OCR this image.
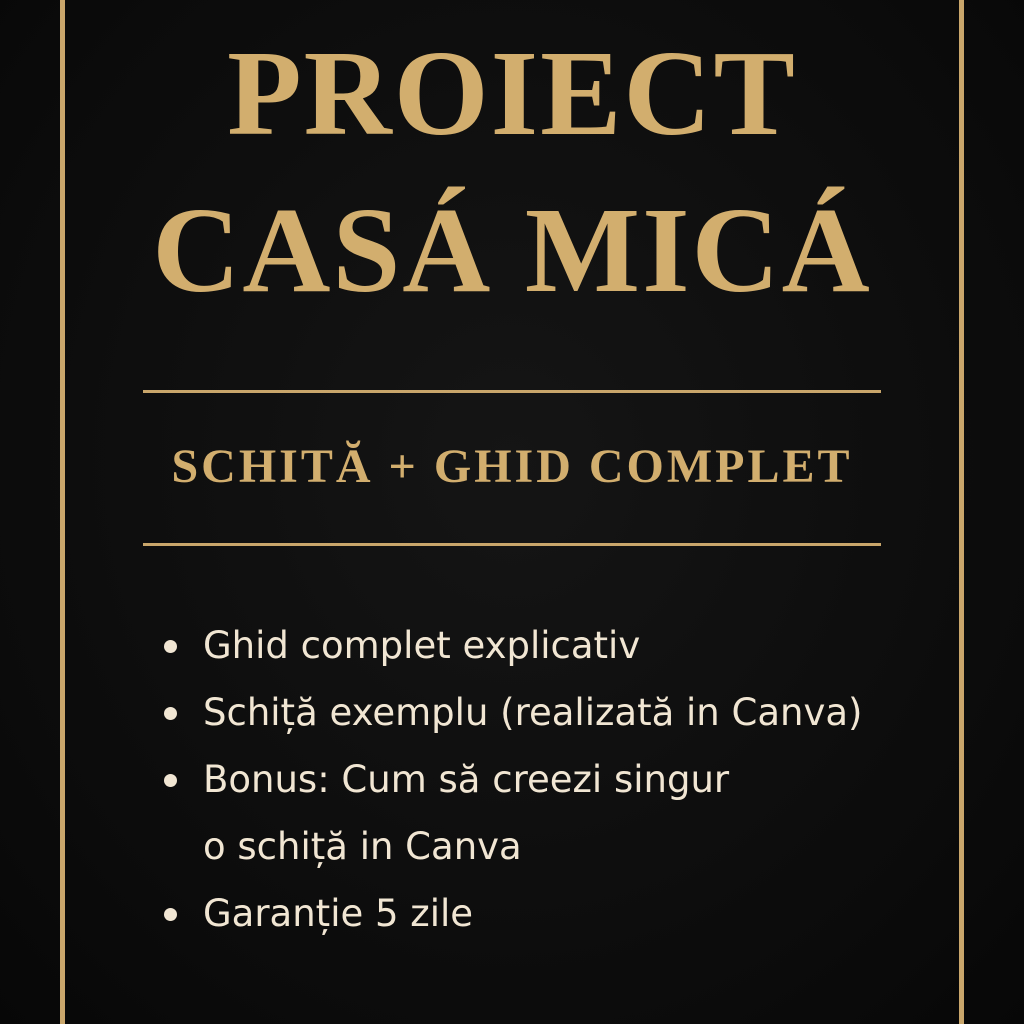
PROIECT
CASÁ MICÁ
SCHITĂ + GHID COMPLET
Ghid complet explicativ
Schiță exemplu (realizată in Canva)
Bonus: Cum să creezi singur
o schiță in Canva
Garanție 5 zile
